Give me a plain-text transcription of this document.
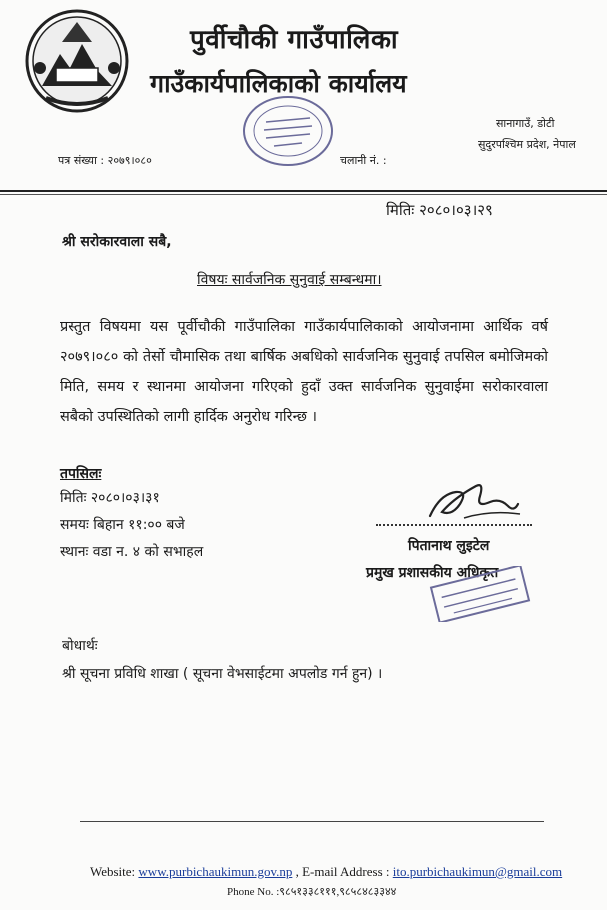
पुर्वीचौकी गाउँपालिका
गाउँकार्यपालिकाको कार्यालय
सानागाउँ, डोटी
सुदुरपश्चिम प्रदेश, नेपाल
पत्र संख्या : २०७९।०८०	चलानी नं. :
मितिः २०८०।०३।२९
श्री सरोकारवाला सबै,
विषयः सार्वजनिक सुनुवाई सम्बन्धमा।
प्रस्तुत विषयमा यस पूर्वीचौकी गाउँपालिका गाउँकार्यपालिकाको आयोजनामा आर्थिक वर्ष २०७९।०८० को तेर्सो चौमासिक तथा बार्षिक अबधिको सार्वजनिक सुनुवाई तपसिल बमोजिमको मिति, समय र स्थानमा आयोजना गरिएको हुदाँ उक्त सार्वजनिक सुनुवाईमा सरोकारवाला सबैको उपस्थितिको लागी हार्दिक अनुरोध गरिन्छ ।
तपसिलः
मितिः २०८०।०३।३१
समयः बिहान ११:०० बजे
स्थानः वडा न. ४ को सभाहल	पितानाथ लुइटेल
प्रमुख प्रशासकीय अधिकृत
बोधार्थः
श्री सूचना प्रविधि शाखा ( सूचना वेभसाईटमा अपलोड गर्न हुन) ।
Website: www.purbichaukimun.gov.np , E-mail Address : ito.purbichaukimun@gmail.com
Phone No. :९८५१३३८१११,९८५८४८३३४४
